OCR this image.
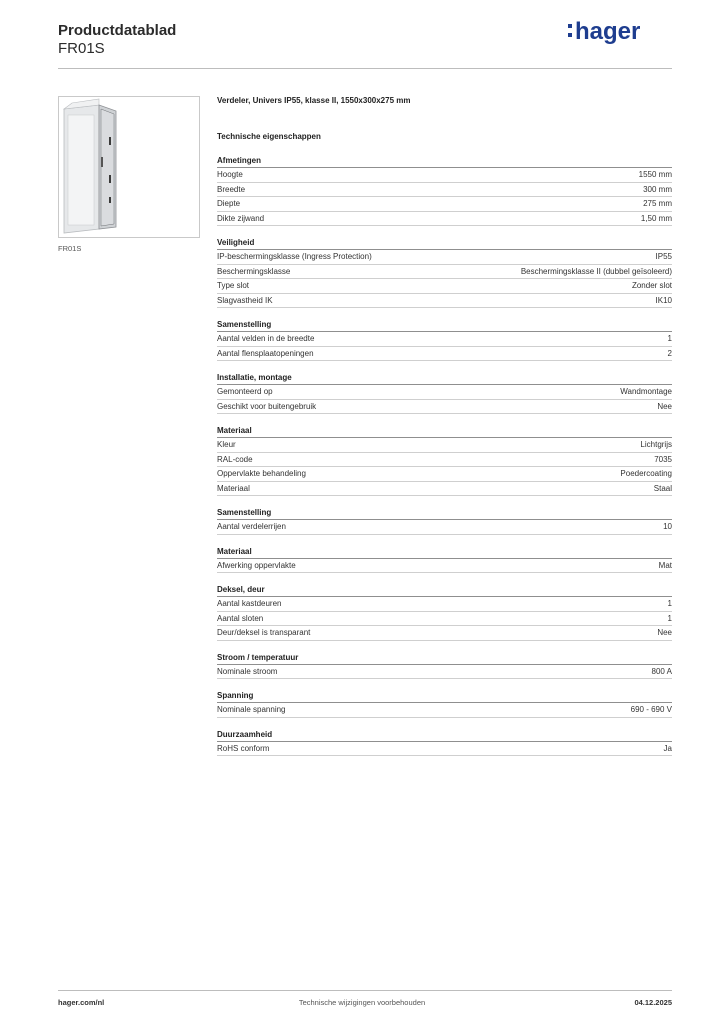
Productdatablad
FR01S
hager
FR01S
Verdeler, Univers IP55, klasse II, 1550x300x275 mm
Technische eigenschappen
Afmetingen
Hoogte	1550 mm
Breedte	300 mm
Diepte	275 mm
Dikte zijwand	1,50 mm
Veiligheid
IP-beschermingsklasse (Ingress Protection)	IP55
Beschermingsklasse	Beschermingsklasse II (dubbel geïsoleerd)
Type slot	Zonder slot
Slagvastheid IK	IK10
Samenstelling
Aantal velden in de breedte	1
Aantal flensplaatopeningen	2
Installatie, montage
Gemonteerd op	Wandmontage
Geschikt voor buitengebruik	Nee
Materiaal
Kleur	Lichtgrijs
RAL-code	7035
Oppervlakte behandeling	Poedercoating
Materiaal	Staal
Samenstelling
Aantal verdelerrijen	10
Materiaal
Afwerking oppervlakte	Mat
Deksel, deur
Aantal kastdeuren	1
Aantal sloten	1
Deur/deksel is transparant	Nee
Stroom / temperatuur
Nominale stroom	800 A
Spanning
Nominale spanning	690 - 690 V
Duurzaamheid
RoHS conform	Ja
hager.com/nl	Technische wijzigingen voorbehouden	04.12.2025
